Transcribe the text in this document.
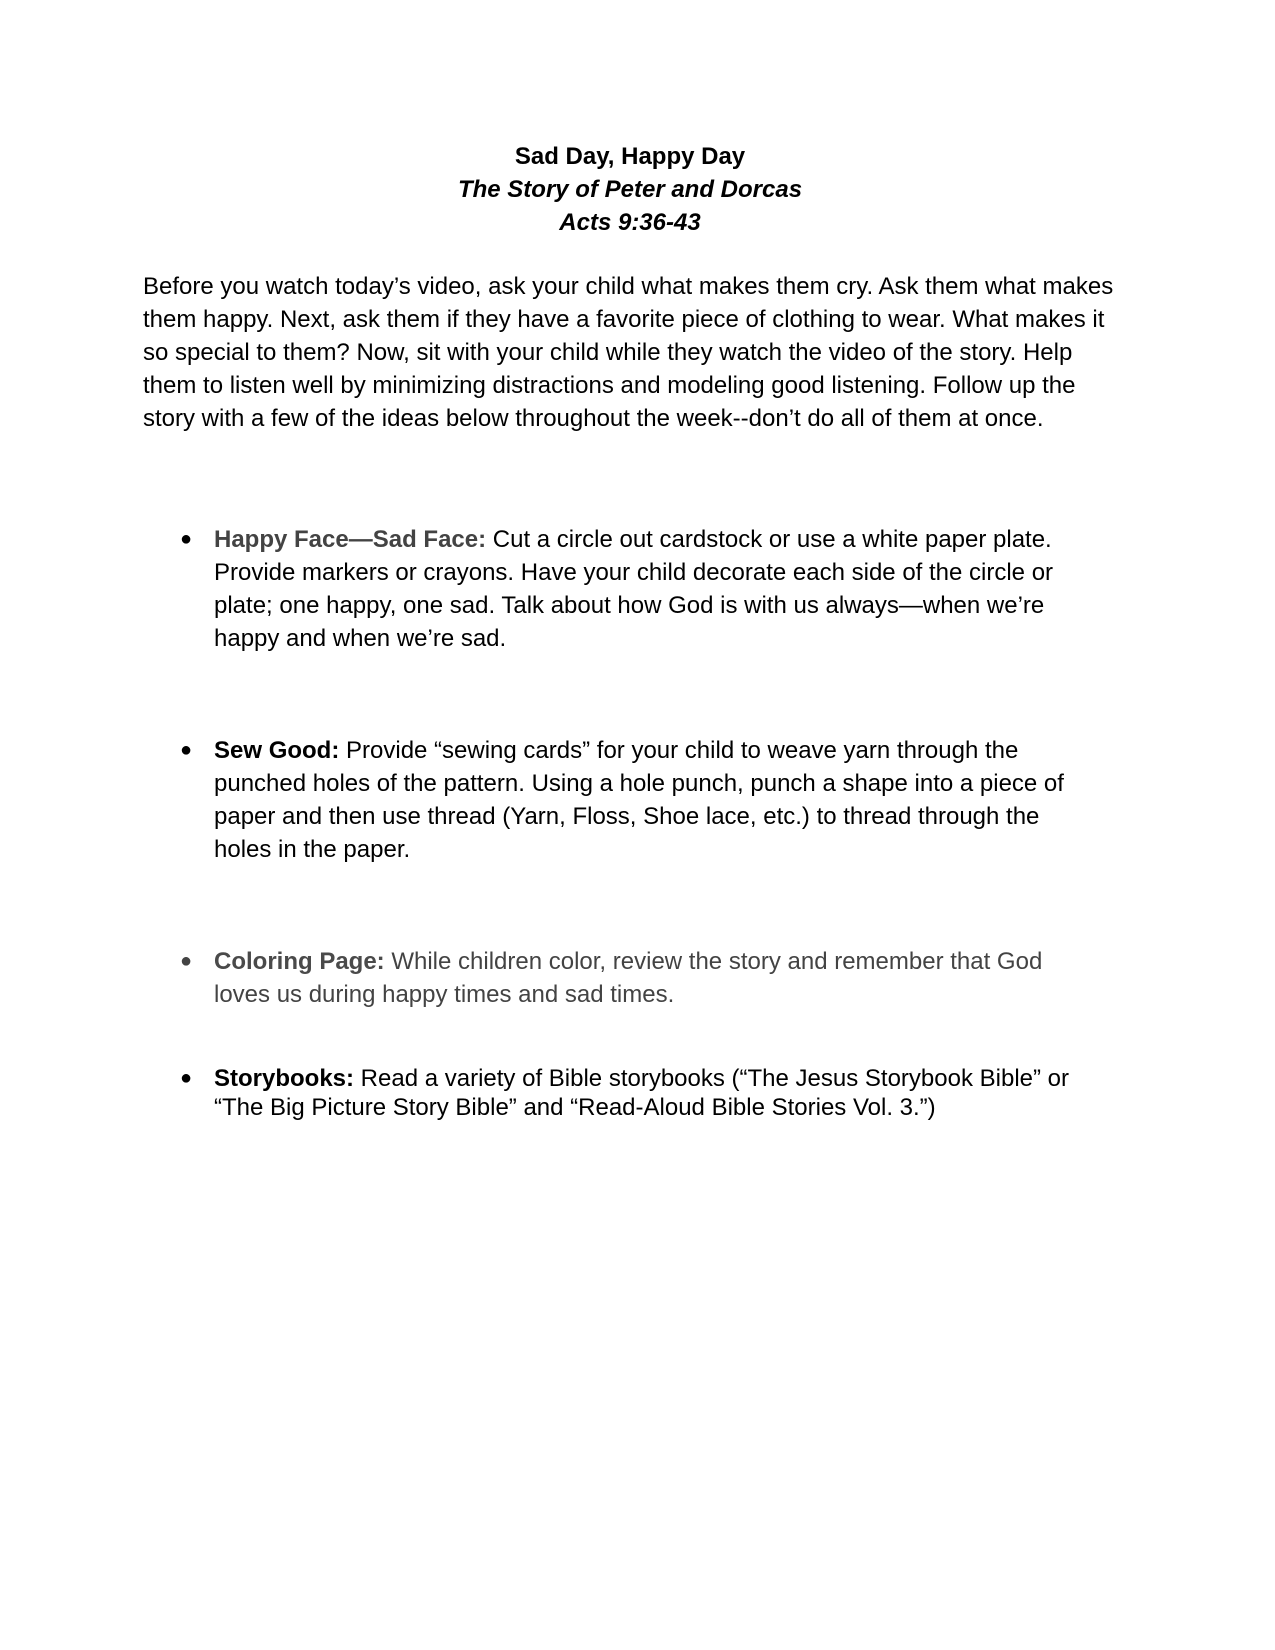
Sad Day, Happy Day
The Story of Peter and Dorcas
Acts 9:36-43

Before you watch today’s video, ask your child what makes them cry. Ask them what makes them happy. Next, ask them if they have a favorite piece of clothing to wear. What makes it so special to them? Now, sit with your child while they watch the video of the story. Help them to listen well by minimizing distractions and modeling good listening. Follow up the story with a few of the ideas below throughout the week--don’t do all of them at once.

● Happy Face—Sad Face: Cut a circle out cardstock or use a white paper plate. Provide markers or crayons. Have your child decorate each side of the circle or plate; one happy, one sad. Talk about how God is with us always—when we’re happy and when we’re sad.
● Sew Good: Provide “sewing cards” for your child to weave yarn through the punched holes of the pattern. Using a hole punch, punch a shape into a piece of paper and then use thread (Yarn, Floss, Shoe lace, etc.) to thread through the holes in the paper.
● Coloring Page: While children color, review the story and remember that God loves us during happy times and sad times.
● Storybooks: Read a variety of Bible storybooks (“The Jesus Storybook Bible” or “The Big Picture Story Bible” and “Read-Aloud Bible Stories Vol. 3.”)
